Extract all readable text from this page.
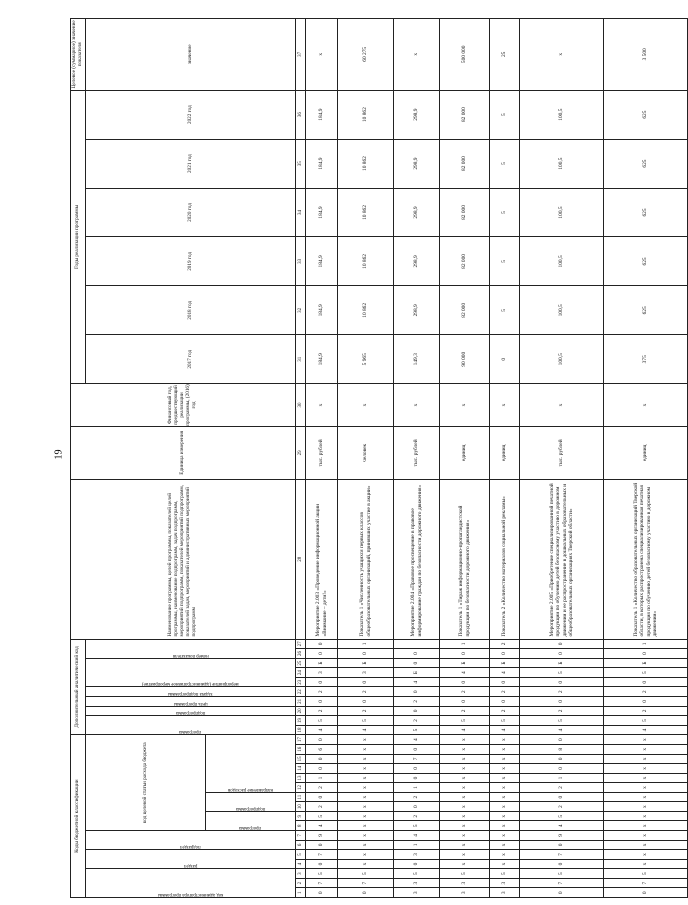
19
Коды бюджетной классификации																	Дополнительный аналитический код										Наименование программы, целей программы, показателей целей программы, наименование подпрограмм, задач подпрограмм, мероприятий подпрограмм, показателей мероприятий подпрограмм, показателей задач, мероприятий и административных мероприятий подпрограмм	Единица измерения	Финансовый год, предшествующий реализации программы, (2016) год	Годы реализации программы						Целевое (суммарное) значение показателя

код администратора программы			раздел		подраздел		код целевой статьи расхода бюджета										программа		подпрограмма	цель программы	задача подпрограммы	мероприятие (административное мероприятие)			номер показателя					2017 год	2018 год	2019 год	2020 год	2021 год	2022 год	значение

							программа		подпрограмма		направление расходов																									

1	2	3	4	5	6	7	8	9	10	11	12	13	14	15	16	17	18	19	20	21	22	23	24	25	26	27	28	29	30	31	32	33	34	35	36	37
0	7	5	0	7	0	9	4	5	2	0	2	1	0	0	6	0	4	5	2	0	2	0	3	Б	0	0	Мероприятие 2.003 «Проведение информационной акции «Внимание – дети!»	тыс. рублей	х	184,9	184,9	184,9	184,9	184,9	184,9	х
0	7	5	х	х	х	х	х	х	х	х	х	х	х	х	х	х	4	5	2	0	2	0	3	Б	0	1	Показатель 1 «Численность учащихся первых классов общеобразовательных организаций, принявших участие в акции»	человек	х	5 965	10 862	10 862	10 862	10 862	10 862	60 275
3	3	5	0	3	1	4	5	2	0	2	1	0	0	7	0	4	5	2	0	2	0	4	Б	0	0		Мероприятие 2.004 «Правовое просвещение в правовое информирование граждан по безопасности дорожного движения»	тыс. рублей	х	149,3	298,9	298,9	298,9	298,9	298,9	х
3	3	5	х	х	х	х	х	х	х	х	х	х	х	х	х	х	4	5	2	0	2	0	4	Б	0	1	Показатель 1 «Тираж информационно-пропагандистской продукции по безопасности дорожного движения»	единиц	х	90 000	82 000	82 000	82 000	82 000	82 000	500 000
3	3	5	х	х	х	х	х	х	х	х	х	х	х	х	х	х	4	5	2	0	2	0	4	Б	0	2	Показатель 2 «Количество материалов социальной рекламы»	единиц	х	0	5	5	5	5	5	25
0	7	5	0	7	0	9	4	5	2	0	2	1	0	0	8	0	4	5	2	0	2	0	5	Б	0	0	Мероприятие 2.005 «Приобретение специализированной печатной продукции по обучению детей безопасному участию в дорожном движении и ее распространение в дошкольных образовательных и общеобразовательных организациях Тверской области»	тыс. рублей	х	100,5	100,5	100,5	100,5	100,5	100,5	х
0	7	5	х	х	х	х	х	х	х	х	х	х	х	х	х	х	4	5	2	0	2	0	5	Б	0	1	Показатель 1 «Количество образовательных организаций Тверской области, в которых распространена специализированная печатная продукция по обучению детей безопасному участию в дорожном движении»	единиц	х	375	625	625	625	625	625	3 500
